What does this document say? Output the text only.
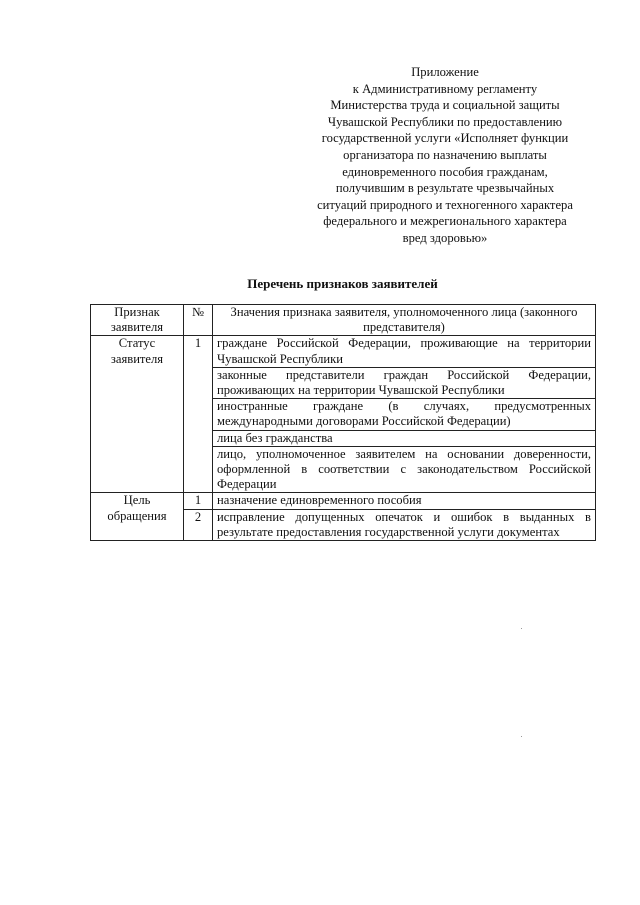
Приложение
к Административному регламенту
Министерства труда и социальной защиты
Чувашской Республики по предоставлению
государственной услуги «Исполняет функции
организатора по назначению выплаты
единовременного пособия гражданам,
получившим в результате чрезвычайных
ситуаций природного и техногенного характера
федерального и межрегионального характера
вред здоровью»
Перечень признаков заявителей
Признак заявителя	№	Значения признака заявителя, уполномоченного лица (законного представителя)
Статус заявителя	1	граждане Российской Федерации, проживающие на территории Чувашской Республики
		законные представители граждан Российской Федерации, проживающих на территории Чувашской Республики
		иностранные граждане (в случаях, предусмотренных международными договорами Российской Федерации)
		лица без гражданства
		лицо, уполномоченное заявителем на основании доверенности, оформленной в соответствии с законодательством Российской Федерации
Цель обращения	1	назначение единовременного пособия
	2	исправление допущенных опечаток и ошибок в выданных в результате предоставления государственной услуги документах
